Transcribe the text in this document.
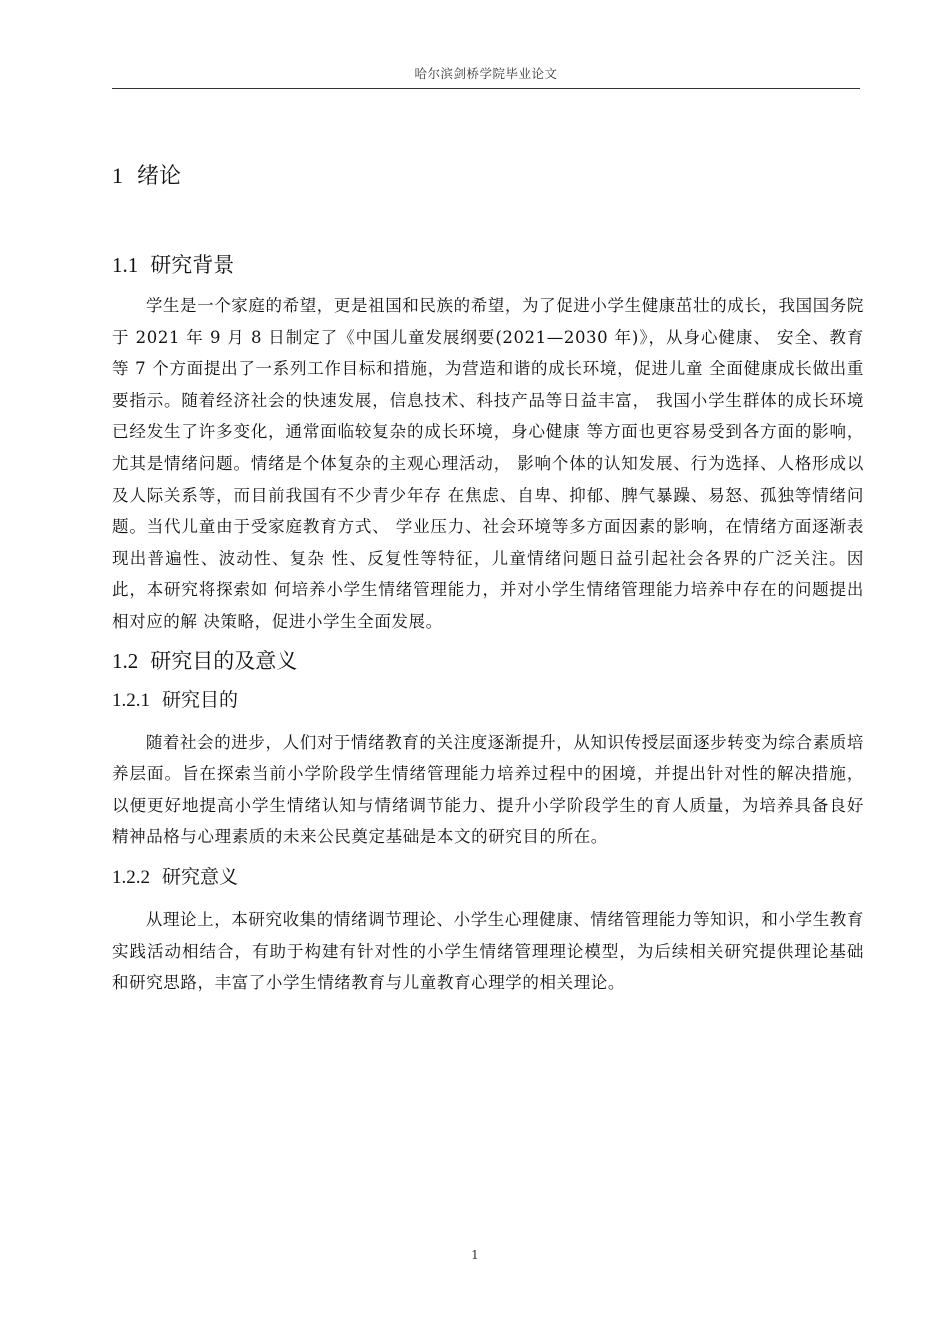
哈尔滨剑桥学院毕业论文
1 绪论
1.1 研究背景

学生是一个家庭的希望，更是祖国和民族的希望，为了促进小学生健康茁壮的成长，我国国务院于 2021 年 9 月 8 日制定了《中国儿童发展纲要(2021—2030 年)》，从身心健康、 安全、教育等 7 个方面提出了一系列工作目标和措施，为营造和谐的成长环境，促进儿童 全面健康成长做出重要指示。随着经济社会的快速发展，信息技术、科技产品等日益丰富， 我国小学生群体的成长环境已经发生了许多变化，通常面临较复杂的成长环境，身心健康 等方面也更容易受到各方面的影响，尤其是情绪问题。情绪是个体复杂的主观心理活动， 影响个体的认知发展、行为选择、人格形成以及人际关系等，而目前我国有不少青少年存 在焦虑、自卑、抑郁、脾气暴躁、易怒、孤独等情绪问题。当代儿童由于受家庭教育方式、 学业压力、社会环境等多方面因素的影响，在情绪方面逐渐表现出普遍性、波动性、复杂 性、反复性等特征，儿童情绪问题日益引起社会各界的广泛关注。因此，本研究将探索如 何培养小学生情绪管理能力，并对小学生情绪管理能力培养中存在的问题提出相对应的解 决策略，促进小学生全面发展。

1.2 研究目的及意义
1.2.1 研究目的

随着社会的进步，人们对于情绪教育的关注度逐渐提升，从知识传授层面逐步转变为综合素质培养层面。旨在探索当前小学阶段学生情绪管理能力培养过程中的困境，并提出针对性的解决措施，以便更好地提高小学生情绪认知与情绪调节能力、提升小学阶段学生的育人质量，为培养具备良好精神品格与心理素质的未来公民奠定基础是本文的研究目的所在。

1.2.2 研究意义

从理论上，本研究收集的情绪调节理论、小学生心理健康、情绪管理能力等知识，和小学生教育实践活动相结合，有助于构建有针对性的小学生情绪管理理论模型，为后续相关研究提供理论基础和研究思路，丰富了小学生情绪教育与儿童教育心理学的相关理论。

1
